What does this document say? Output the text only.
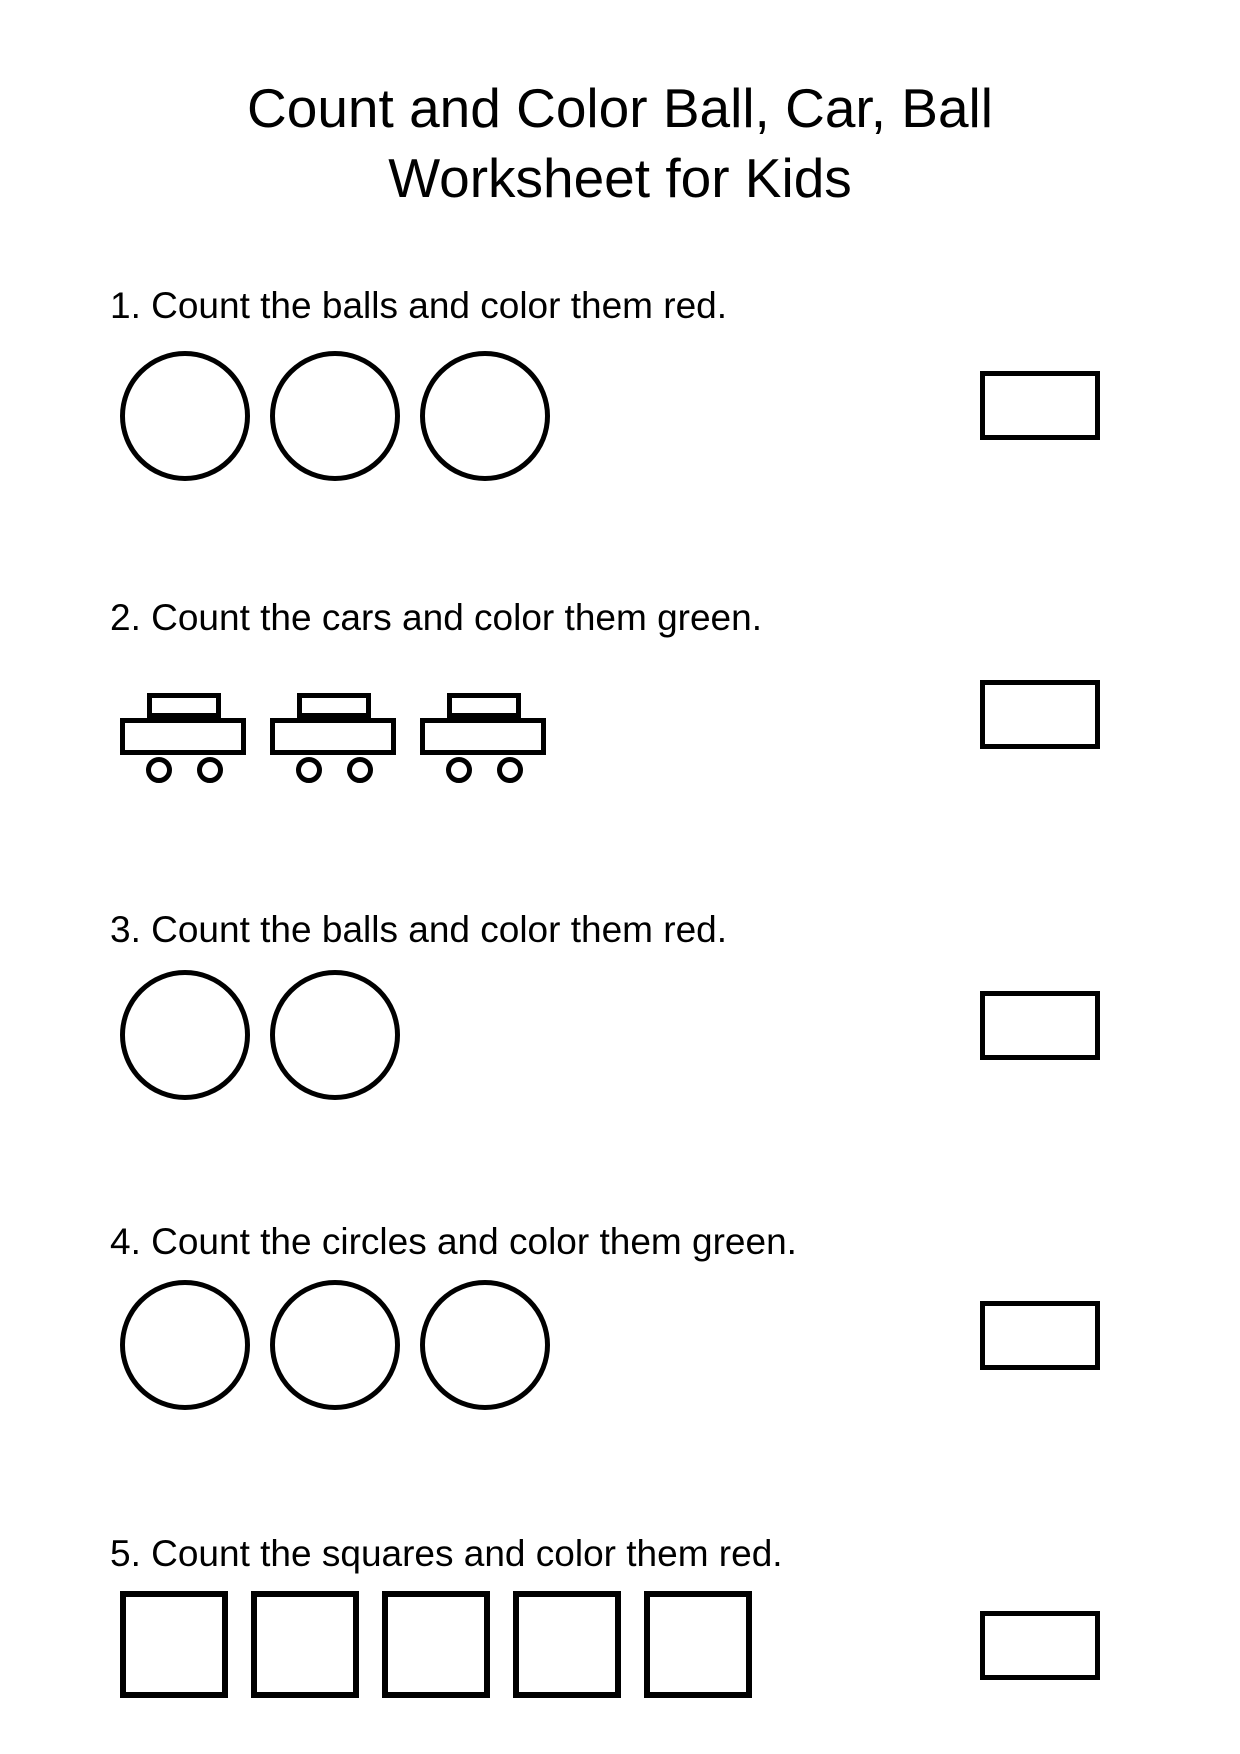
Count and Color Ball, Car, Ball
Worksheet for Kids
1. Count the balls and color them red.
2. Count the cars and color them green.
3. Count the balls and color them red.
4. Count the circles and color them green.
5. Count the squares and color them red.
